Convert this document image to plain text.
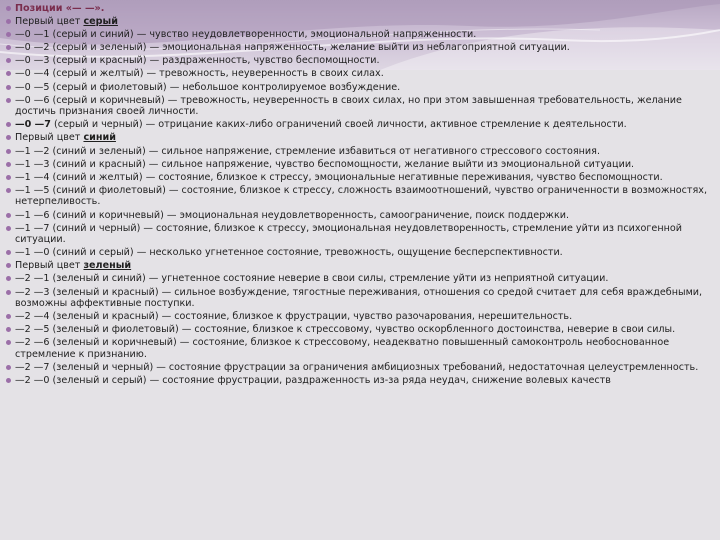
Позиции «— —».
Первый цвет серый
—0 —1 (серый и синий) — чувство неудовлетворенности, эмоциональной напряженности.
—0 —2 (серый и зеленый) — эмоциональная напряженность, желание выйти из неблагоприятной ситуации.
—0 —3 (серый и красный) — раздраженность, чувство беспомощности.
—0 —4 (серый и желтый) — тревожность, неуверенность в своих силах.
—0 —5 (серый и фиолетовый) — небольшое контролируемое возбуждение.
—0 —6 (серый и коричневый) — тревожность, неуверенность в своих силах, но при этом завышенная требовательность, желание достичь признания своей личности.
—0 —7 (серый и черный) — отрицание каких-либо ограничений своей личности, активное стремление к деятельности.
Первый цвет синий
—1 —2 (синий и зеленый) — сильное напряжение, стремление избавиться от негативного стрессового состояния.
—1 —3 (синий и красный) — сильное напряжение, чувство беспомощности, желание выйти из эмоциональной ситуации.
—1 —4 (синий и желтый) — состояние, близкое к стрессу, эмоциональные негативные переживания, чувство беспомощности.
—1 —5 (синий и фиолетовый) — состояние, близкое к стрессу, сложность взаимоотношений, чувство ограниченности в возможностях, нетерпеливость.
—1 —6 (синий и коричневый) — эмоциональная неудовлетворенность, самоограничение, поиск поддержки.
—1 —7 (синий и черный) — состояние, близкое к стрессу, эмоциональная неудовлетворенность, стремление уйти из психогенной ситуации.
—1 —0 (синий и серый) — несколько угнетенное состояние, тревожность, ощущение бесперспективности.
Первый цвет зеленый
—2 —1 (зеленый и синий) — угнетенное состояние неверие в свои силы, стремление уйти из неприятной ситуации.
—2 —3 (зеленый и красный) — сильное возбуждение, тягостные переживания, отношения со средой считает для себя враждебными, возможны аффективные поступки.
—2 —4 (зеленый и красный) — состояние, близкое к фрустрации, чувство разочарования, нерешительность.
—2 —5 (зеленый и фиолетовый) — состояние, близкое к стрессовому, чувство оскорбленного достоинства, неверие в свои силы.
—2 —6 (зеленый и коричневый) — состояние, близкое к стрессовому, неадекватно повышенный самоконтроль необоснованное стремление к признанию.
—2 —7 (зеленый и черный) — состояние фрустрации за ограничения амбициозных требований, недостаточная целеустремленность.
—2 —0 (зеленый и серый) — состояние фрустрации, раздраженность из-за ряда неудач, снижение волевых качеств
